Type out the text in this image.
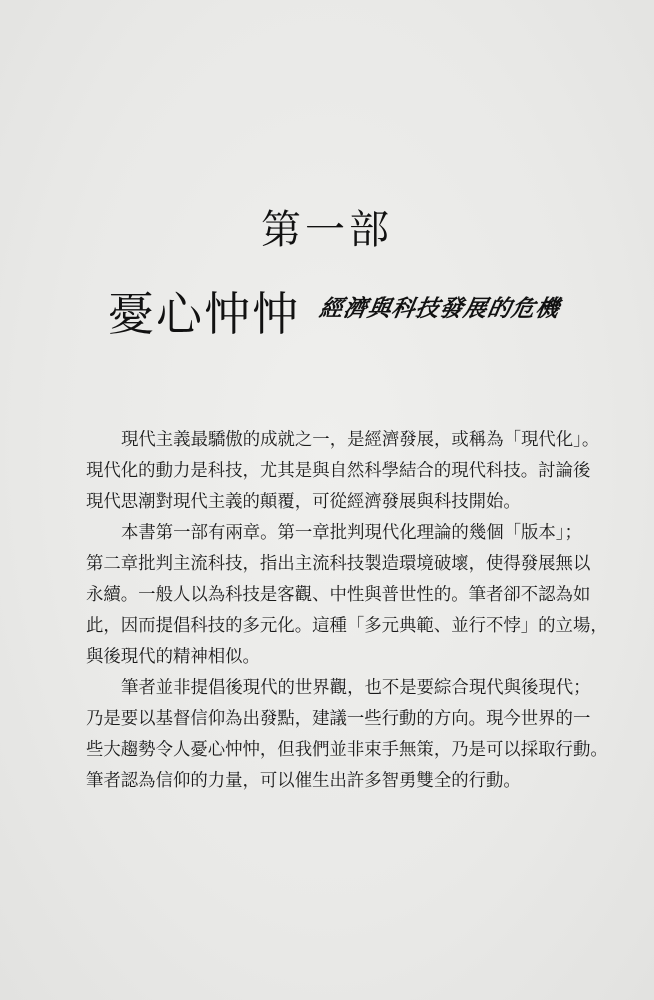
第一部
憂心忡忡 經濟與科技發展的危機

現代主義最驕傲的成就之一，是經濟發展，或稱為「現代化」。
現代化的動力是科技，尤其是與自然科學結合的現代科技。討論後
現代思潮對現代主義的顛覆，可從經濟發展與科技開始。

本書第一部有兩章。第一章批判現代化理論的幾個「版本」；
第二章批判主流科技，指出主流科技製造環境破壞，使得發展無以
永續。一般人以為科技是客觀、中性與普世性的。筆者卻不認為如
此，因而提倡科技的多元化。這種「多元典範、並行不悖」的立場，
與後現代的精神相似。

筆者並非提倡後現代的世界觀，也不是要綜合現代與後現代；
乃是要以基督信仰為出發點，建議一些行動的方向。現今世界的一
些大趨勢令人憂心忡忡，但我們並非束手無策，乃是可以採取行動。
筆者認為信仰的力量，可以催生出許多智勇雙全的行動。
